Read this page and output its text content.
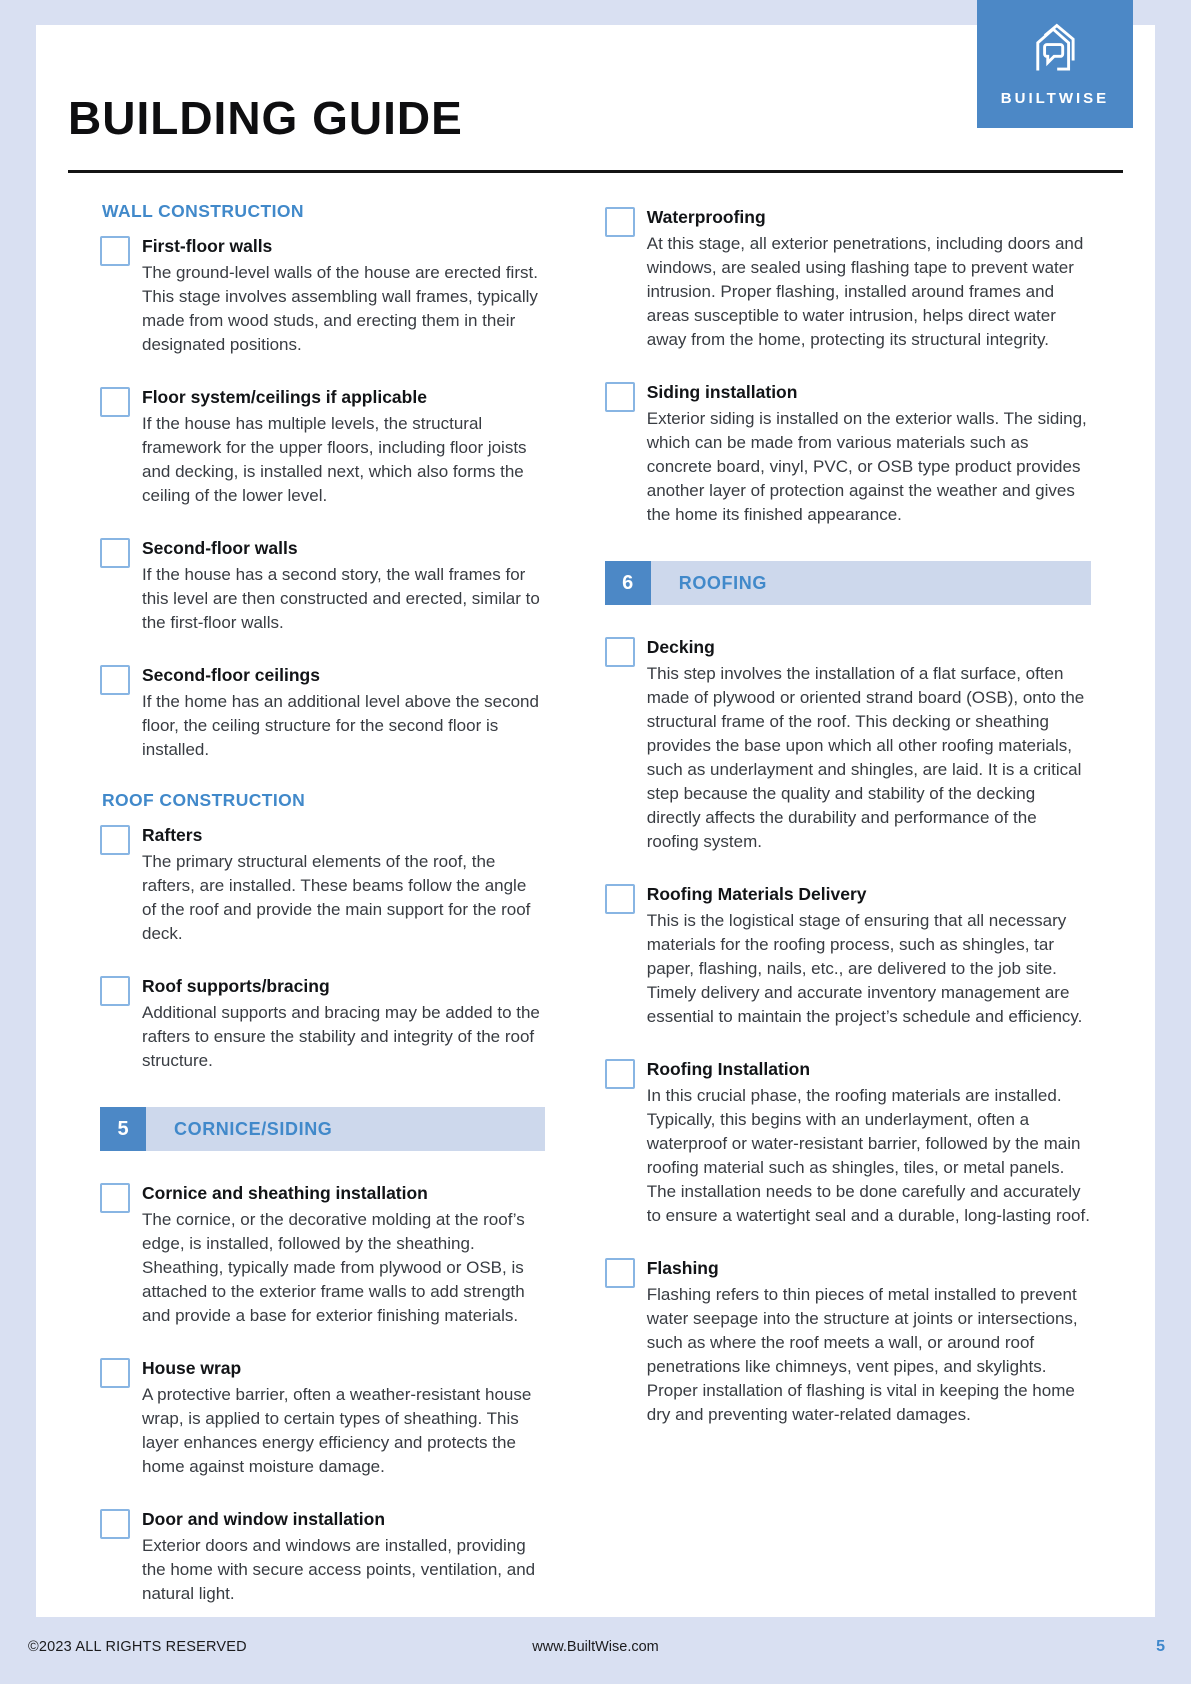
BUILDING GUIDE
WALL CONSTRUCTION
First-floor walls
The ground-level walls of the house are erected first. This stage involves assembling wall frames, typically made from wood studs, and erecting them in their designated positions.
Floor system/ceilings if applicable
If the house has multiple levels, the structural framework for the upper floors, including floor joists and decking, is installed next, which also forms the ceiling of the lower level.
Second-floor walls
If the house has a second story, the wall frames for this level are then constructed and erected, similar to the first-floor walls.
Second-floor ceilings
If the home has an additional level above the second floor, the ceiling structure for the second floor is installed.
ROOF CONSTRUCTION
Rafters
The primary structural elements of the roof, the rafters, are installed. These beams follow the angle of the roof and provide the main support for the roof deck.
Roof supports/bracing
Additional supports and bracing may be added to the rafters to ensure the stability and integrity of the roof structure.
5	CORNICE/SIDING
Cornice and sheathing installation
The cornice, or the decorative molding at the roof’s edge, is installed, followed by the sheathing. Sheathing, typically made from plywood or OSB, is attached to the exterior frame walls to add strength and provide a base for exterior finishing materials.
House wrap
A protective barrier, often a weather-resistant house wrap, is applied to certain types of sheathing. This layer enhances energy efficiency and protects the home against moisture damage.
Door and window installation
Exterior doors and windows are installed, providing the home with secure access points, ventilation, and natural light.
Waterproofing
At this stage, all exterior penetrations, including doors and windows, are sealed using flashing tape to prevent water intrusion. Proper flashing, installed around frames and areas susceptible to water intrusion, helps direct water away from the home, protecting its structural integrity.
Siding installation
Exterior siding is installed on the exterior walls. The siding, which can be made from various materials such as concrete board, vinyl, PVC, or OSB type product provides another layer of protection against the weather and gives the home its finished appearance.
6	ROOFING
Decking
This step involves the installation of a flat surface, often made of plywood or oriented strand board (OSB), onto the structural frame of the roof. This decking or sheathing provides the base upon which all other roofing materials, such as underlayment and shingles, are laid. It is a critical step because the quality and stability of the decking directly affects the durability and performance of the roofing system.
Roofing Materials Delivery
This is the logistical stage of ensuring that all necessary materials for the roofing process, such as shingles, tar paper, flashing, nails, etc., are delivered to the job site. Timely delivery and accurate inventory management are essential to maintain the project’s schedule and efficiency.
Roofing Installation
In this crucial phase, the roofing materials are installed. Typically, this begins with an underlayment, often a waterproof or water-resistant barrier, followed by the main roofing material such as shingles, tiles, or metal panels. The installation needs to be done carefully and accurately to ensure a watertight seal and a durable, long-lasting roof.
Flashing
Flashing refers to thin pieces of metal installed to prevent water seepage into the structure at joints or intersections, such as where the roof meets a wall, or around roof penetrations like chimneys, vent pipes, and skylights. Proper installation of flashing is vital in keeping the home dry and preventing water-related damages.
BUILTWISE
©2023 ALL RIGHTS RESERVED	www.BuiltWise.com	5
